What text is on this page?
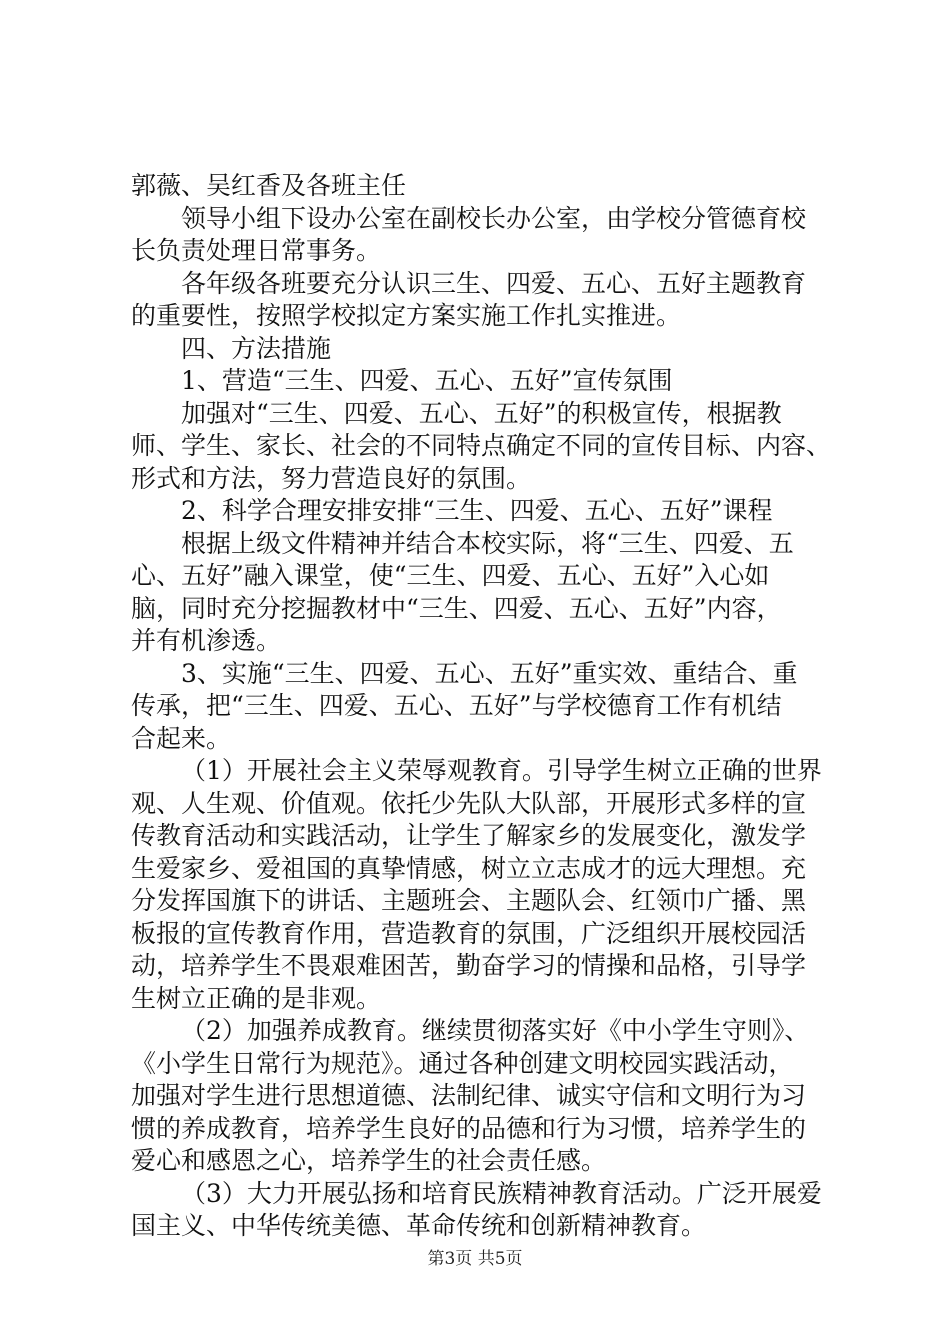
郭薇、吴红香及各班主任
领导小组下设办公室在副校长办公室，由学校分管德育校
长负责处理日常事务。
各年级各班要充分认识三生、四爱、五心、五好主题教育
的重要性，按照学校拟定方案实施工作扎实推进。
四、方法措施
1、营造“三生、四爱、五心、五好”宣传氛围
加强对“三生、四爱、五心、五好”的积极宣传，根据教
师、学生、家长、社会的不同特点确定不同的宣传目标、内容、
形式和方法，努力营造良好的氛围。
2、科学合理安排安排“三生、四爱、五心、五好”课程
根据上级文件精神并结合本校实际，将“三生、四爱、五
心、五好”融入课堂，使“三生、四爱、五心、五好”入心如
脑，同时充分挖掘教材中“三生、四爱、五心、五好”内容，
并有机渗透。
3、实施“三生、四爱、五心、五好”重实效、重结合、重
传承，把“三生、四爱、五心、五好”与学校德育工作有机结
合起来。
（1）开展社会主义荣辱观教育。引导学生树立正确的世界
观、人生观、价值观。依托少先队大队部，开展形式多样的宣
传教育活动和实践活动，让学生了解家乡的发展变化，激发学
生爱家乡、爱祖国的真挚情感，树立立志成才的远大理想。充
分发挥国旗下的讲话、主题班会、主题队会、红领巾广播、黑
板报的宣传教育作用，营造教育的氛围，广泛组织开展校园活
动，培养学生不畏艰难困苦，勤奋学习的情操和品格，引导学
生树立正确的是非观。
（2）加强养成教育。继续贯彻落实好《中小学生守则》、
《小学生日常行为规范》。通过各种创建文明校园实践活动，
加强对学生进行思想道德、法制纪律、诚实守信和文明行为习
惯的养成教育，培养学生良好的品德和行为习惯，培养学生的
爱心和感恩之心，培养学生的社会责任感。
（3）大力开展弘扬和培育民族精神教育活动。广泛开展爱
国主义、中华传统美德、革命传统和创新精神教育。
第3页 共5页
